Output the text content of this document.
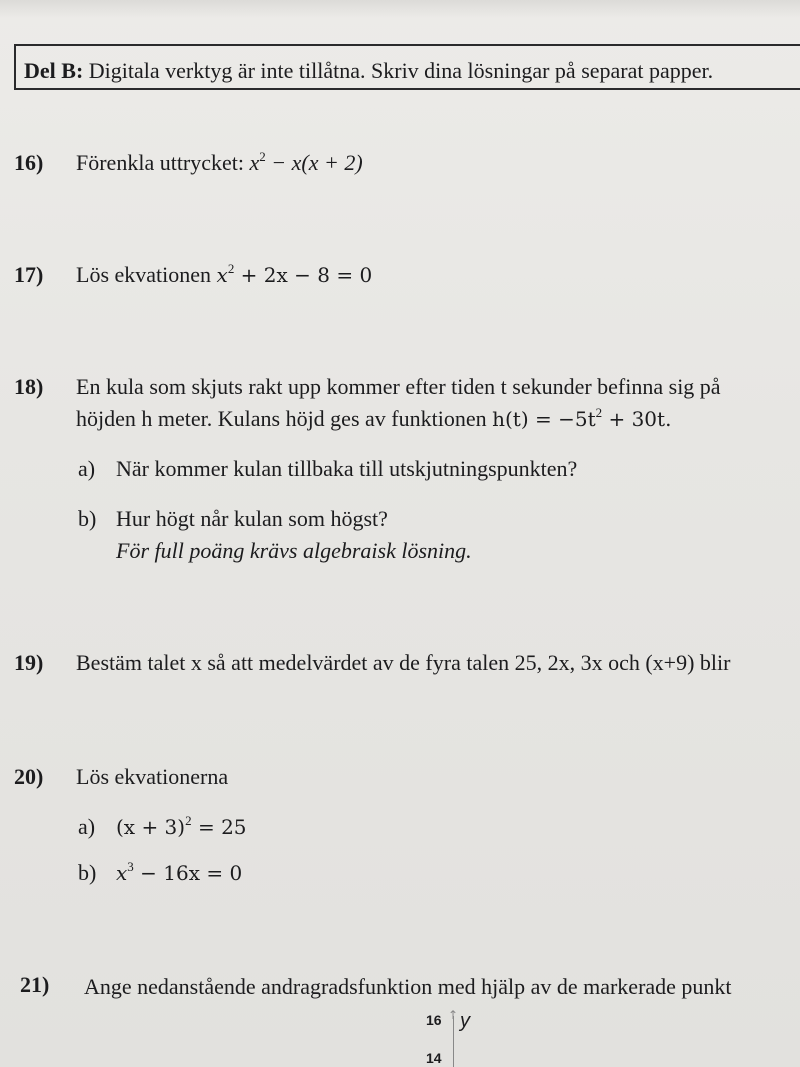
Del B: Digitala verktyg är inte tillåtna. Skriv dina lösningar på separat papper.
16) Förenkla uttrycket: $x^2 - x(x + 2)$
17) Lös ekvationen $x^2 + 2x - 8 = 0$
18) En kula som skjuts rakt upp kommer efter tiden t sekunder befinna sig på
höjden h meter. Kulans höjd ges av funktionen $h(t) = -5t^2 + 30t$.
a) När kommer kulan tillbaka till utskjutningspunkten?
b) Hur högt når kulan som högst?
För full poäng krävs algebraisk lösning.
19) Bestäm talet x så att medelvärdet av de fyra talen 25, 2x, 3x och (x+9) blir
20) Lös ekvationerna
a) $(x + 3)^2 = 25$
b) $x^3 - 16x = 0$
21) Ange nedanstående andragradsfunktion med hjälp av de markerade punkt
↑
16
14
y
